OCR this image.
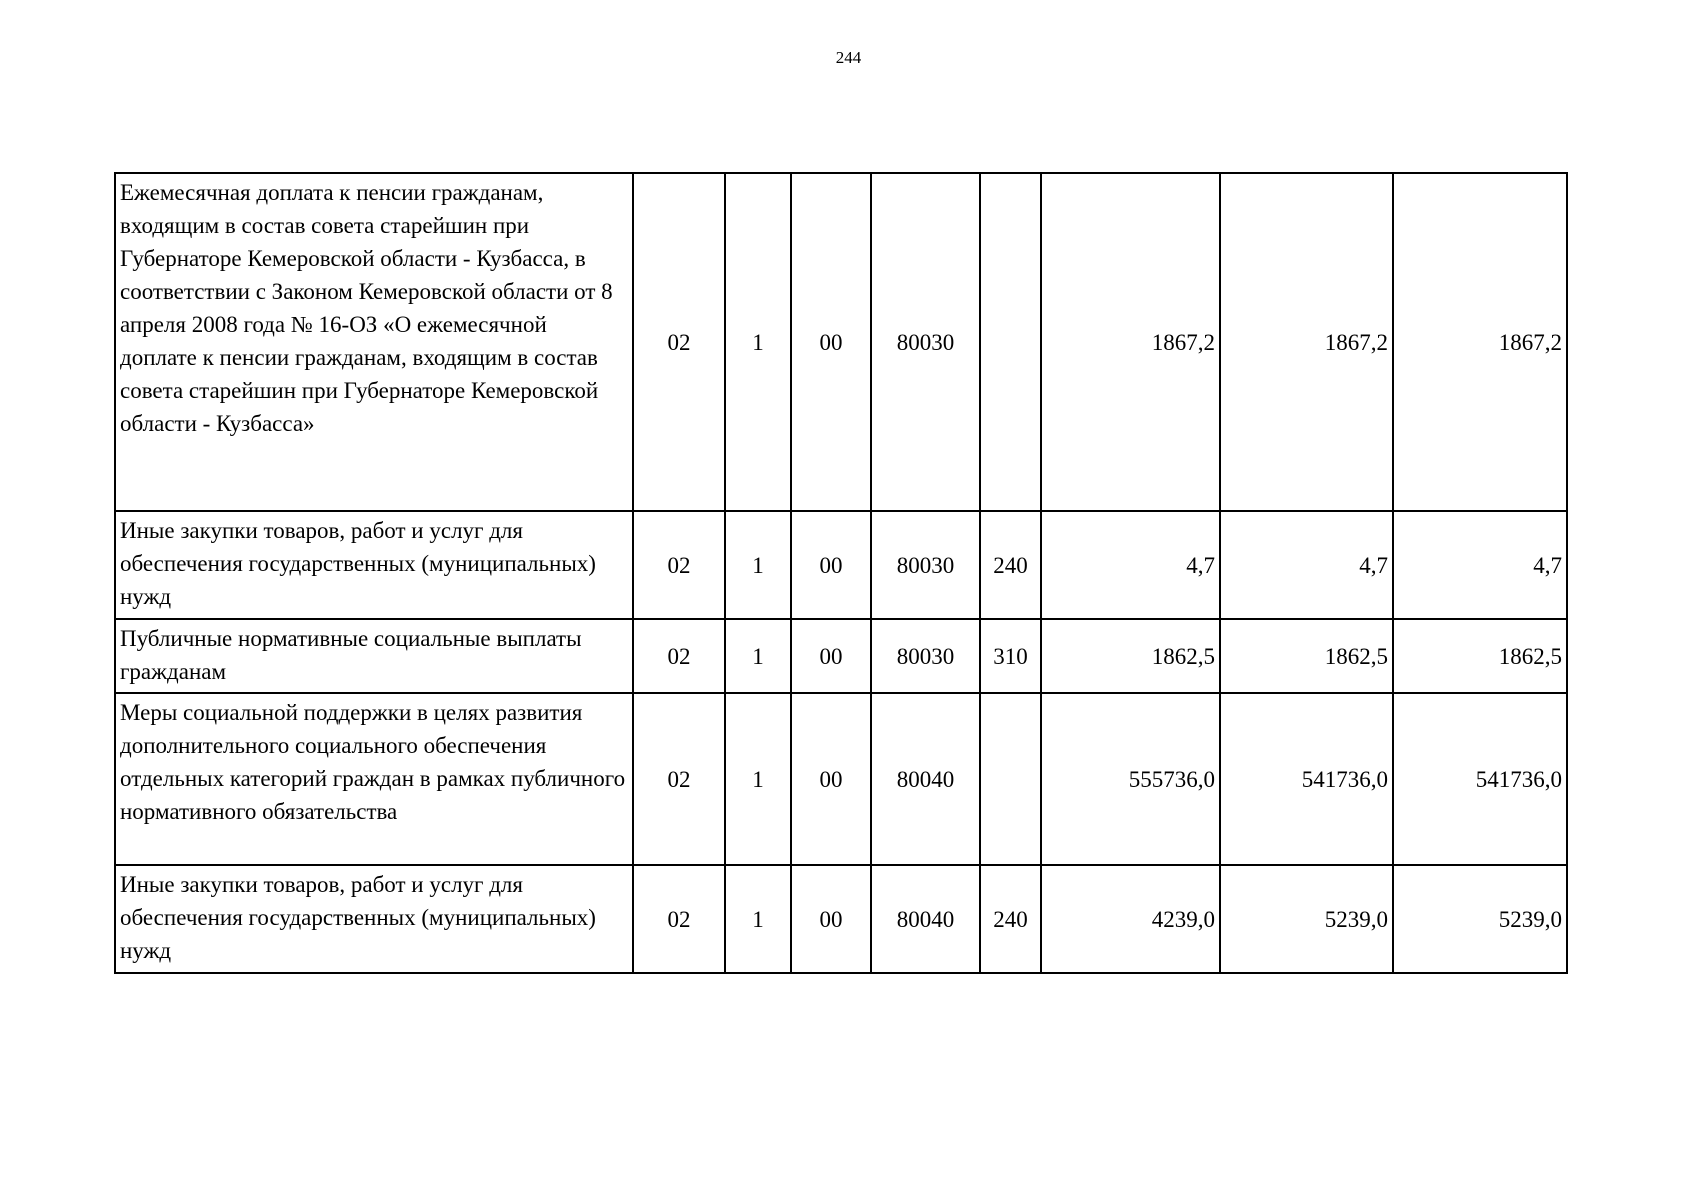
244
Ежемесячная доплата к пенсии гражданам, входящим в состав совета старейшин при Губернаторе Кемеровской области - Кузбасса, в соответствии с Законом Кемеровской области от 8 апреля 2008 года № 16-ОЗ «О ежемесячной доплате к пенсии гражданам, входящим в состав совета старейшин при Губернаторе Кемеровской области - Кузбасса»	02	1	00	80030		1867,2	1867,2	1867,2
Иные закупки товаров, работ и услуг для обеспечения государственных (муниципальных) нужд	02	1	00	80030	240	4,7	4,7	4,7
Публичные нормативные социальные выплаты гражданам	02	1	00	80030	310	1862,5	1862,5	1862,5
Меры социальной поддержки в целях развития дополнительного социального обеспечения отдельных категорий граждан в рамках публичного нормативного обязательства	02	1	00	80040		555736,0	541736,0	541736,0
Иные закупки товаров, работ и услуг для обеспечения государственных (муниципальных) нужд	02	1	00	80040	240	4239,0	5239,0	5239,0
